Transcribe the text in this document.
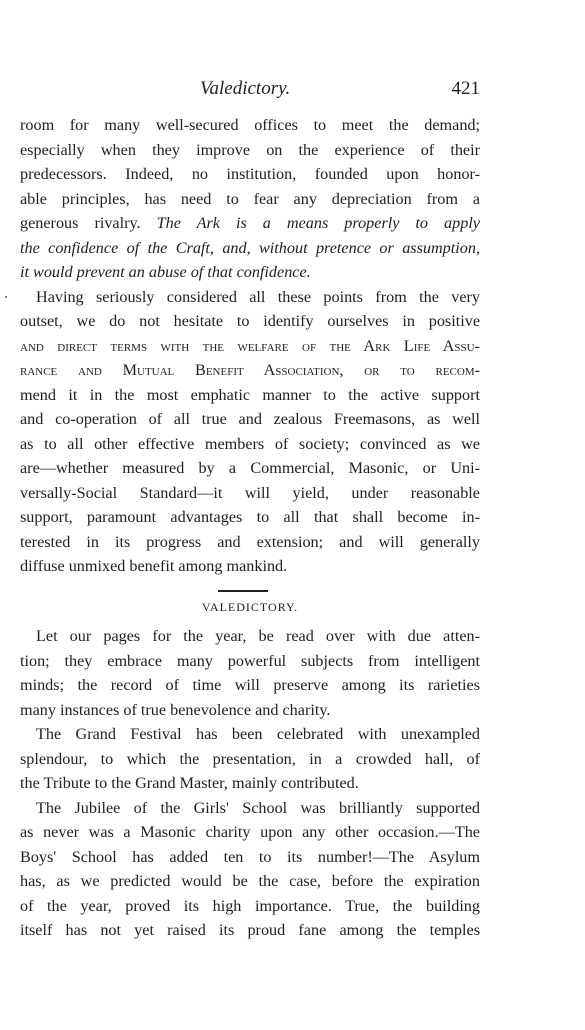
Valedictory.	421
room for many well-secured offices to meet the demand;
especially when they improve on the experience of their
predecessors. Indeed, no institution, founded upon honor-
able principles, has need to fear any depreciation from a
generous rivalry. The Ark is a means properly to apply
the confidence of the Craft, and, without pretence or assumption,
it would prevent an abuse of that confidence.
Having seriously considered all these points from the very
outset, we do not hesitate to identify ourselves in positive
and direct terms with the welfare of the Ark Life Assu-
rance and Mutual Benefit Association, or to recom-
mend it in the most emphatic manner to the active support
and co-operation of all true and zealous Freemasons, as well
as to all other effective members of society; convinced as we
are—whether measured by a Commercial, Masonic, or Uni-
versally-Social Standard—it will yield, under reasonable
support, paramount advantages to all that shall become in-
terested in its progress and extension; and will generally
diffuse unmixed benefit among mankind.
VALEDICTORY.
Let our pages for the year, be read over with due atten-
tion; they embrace many powerful subjects from intelligent
minds; the record of time will preserve among its rarieties
many instances of true benevolence and charity.
The Grand Festival has been celebrated with unexampled
splendour, to which the presentation, in a crowded hall, of
the Tribute to the Grand Master, mainly contributed.
The Jubilee of the Girls' School was brilliantly supported
as never was a Masonic charity upon any other occasion.—The
Boys' School has added ten to its number!—The Asylum
has, as we predicted would be the case, before the expiration
of the year, proved its high importance. True, the building
itself has not yet raised its proud fane among the temples
